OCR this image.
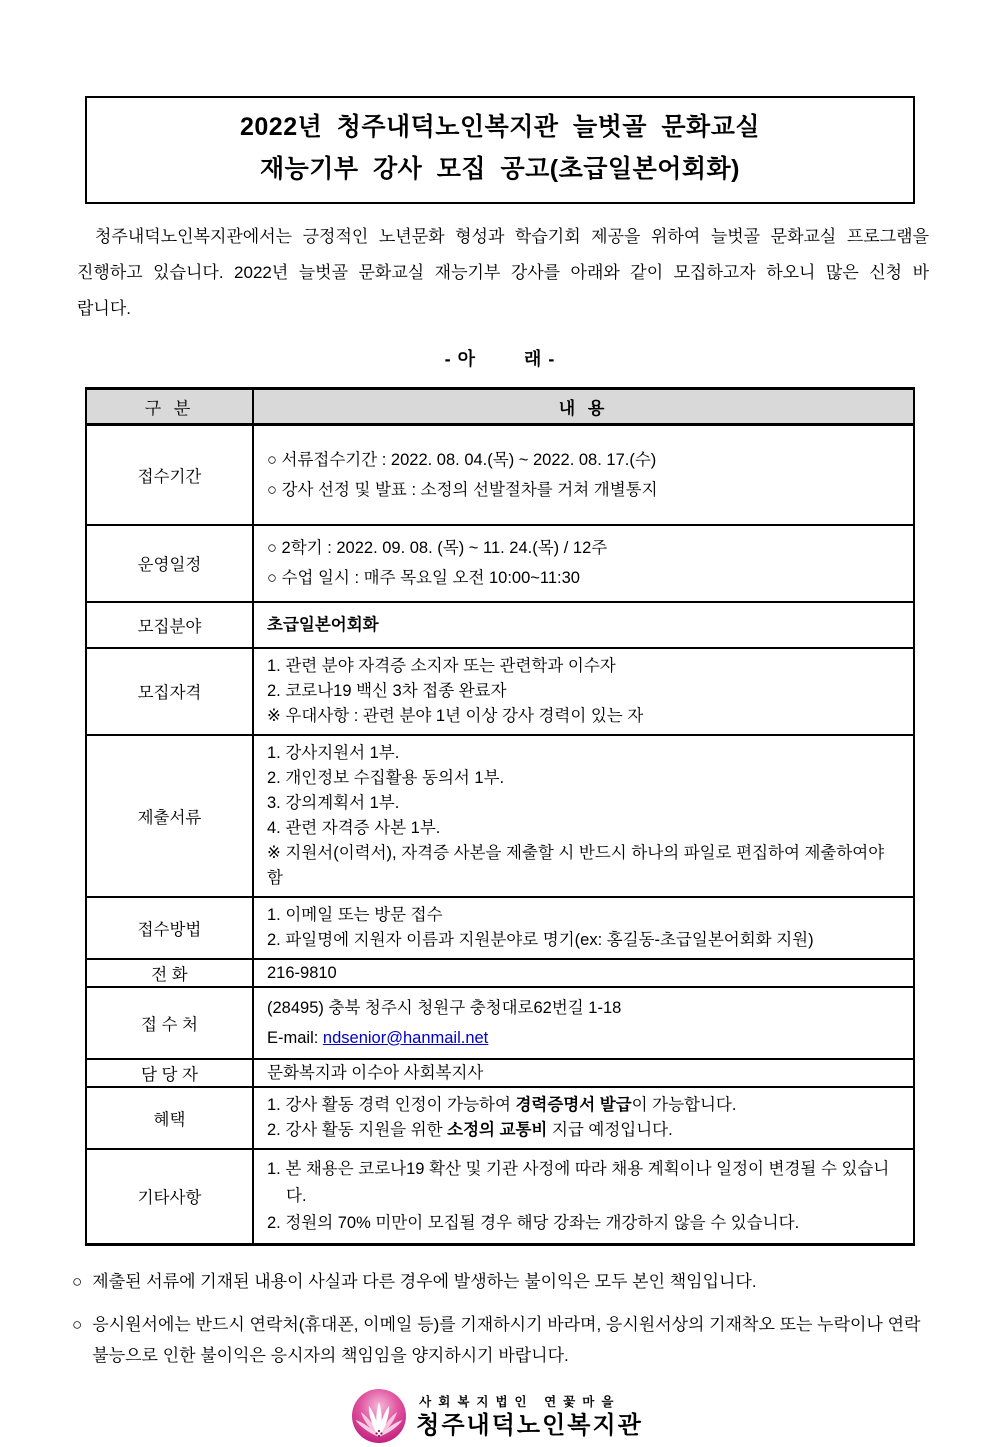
2022년 청주내덕노인복지관 늘벗골 문화교실
재능기부 강사 모집 공고(초급일본어회화)

청주내덕노인복지관에서는 긍정적인 노년문화 형성과 학습기회 제공을 위하여 늘벗골 문화교실 프로그램을 진행하고 있습니다. 2022년 늘벗골 문화교실 재능기부 강사를 아래와 같이 모집하고자 하오니 많은 신청 바랍니다.

- 아        래 -
구 분	내 용
접수기간	○ 서류접수기간 : 2022. 08. 04.(목) ~ 2022. 08. 17.(수)
○ 강사 선정 및 발표 : 소정의 선발절차를 거쳐 개별통지

운영일정	○ 2학기 : 2022. 09. 08. (목) ~ 11. 24.(목) / 12주
○ 수업 일시 : 매주 목요일 오전 10:00~11:30

모집분야	초급일본어회화

모집자격	1. 관련 분야 자격증 소지자 또는 관련학과 이수자
2. 코로나19 백신 3차 접종 완료자
※ 우대사항 : 관련 분야 1년 이상 강사 경력이 있는 자

제출서류	1. 강사지원서 1부.
2. 개인정보 수집활용 동의서 1부.
3. 강의계획서 1부.
4. 관련 자격증 사본 1부.
※ 지원서(이력서), 자격증 사본을 제출할 시 반드시 하나의 파일로 편집하여 제출하여야함

접수방법	1. 이메일 또는 방문 접수
2. 파일명에 지원자 이름과 지원분야로 명기(ex: 홍길동-초급일본어회화 지원)

전 화	216-9810

접 수 처	(28495) 충북 청주시 청원구 충청대로62번길 1-18
E-mail: ndsenior@hanmail.net

담 당 자	문화복지과 이수아 사회복지사

혜택	1. 강사 활동 경력 인정이 가능하여 경력증명서 발급이 가능합니다.
2. 강사 활동 지원을 위한 소정의 교통비 지급 예정입니다.

기타사항	1. 본 채용은 코로나19 확산 및 기관 사정에 따라 채용 계획이나 일정이 변경될 수 있습니다.
2. 정원의 70% 미만이 모집될 경우 해당 강좌는 개강하지 않을 수 있습니다.
○ 제출된 서류에 기재된 내용이 사실과 다른 경우에 발생하는 불이익은 모두 본인 책임입니다.
○ 응시원서에는 반드시 연락처(휴대폰, 이메일 등)를 기재하시기 바라며, 응시원서상의 기재착오 또는 누락이나 연락불능으로 인한 불이익은 응시자의 책임임을 양지하시기 바랍니다.
사회복지법인 연꽃마을
청주내덕노인복지관
